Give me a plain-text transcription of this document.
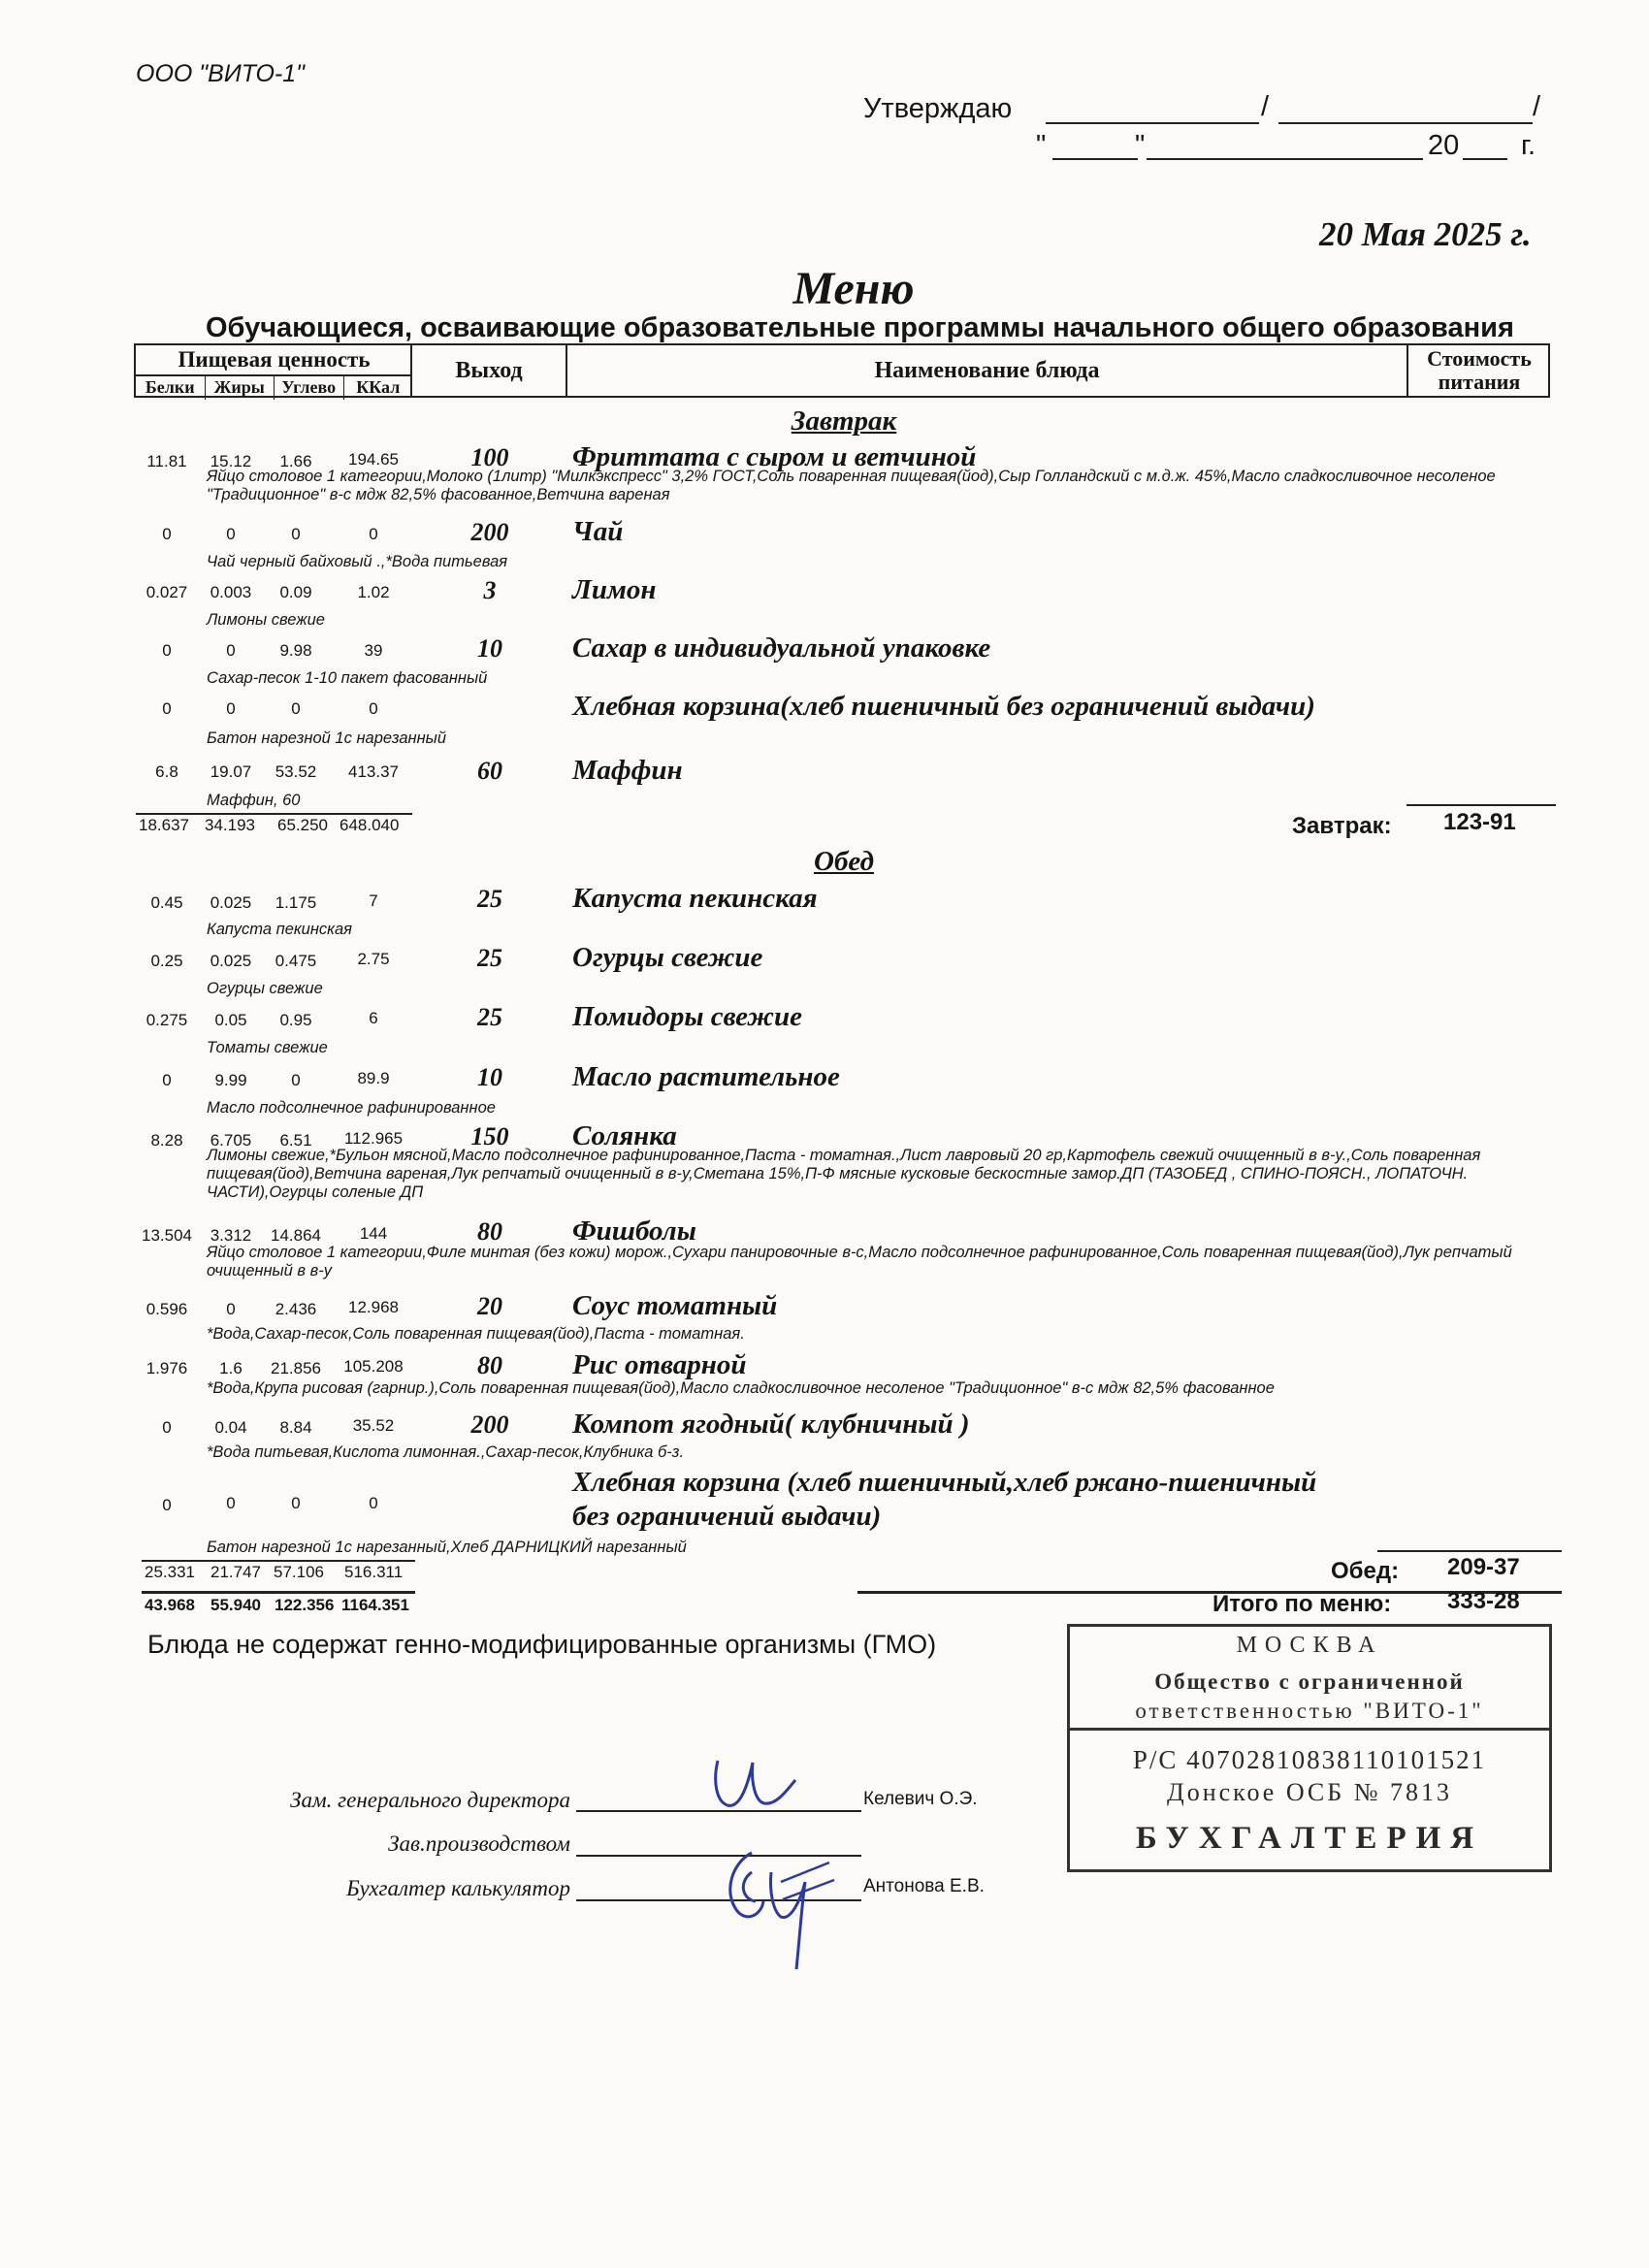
ООО "ВИТО-1"
Утверждаю	/	/
"	"	20 г.
20 Мая 2025 г.
Меню
Обучающиеся, осваивающие образовательные программы начального общего образования
Пищевая ценность
Белки	Жиры Углево	ККал
Выход	Наименование блюда	Стоимость питания
Завтрак
11.81	15.12	1.66	194.65	100	Фриттата с сыром и ветчиной
Яйцо столовое 1 категории,Молоко (1литр) "Милкэкспресс" 3,2% ГОСТ,Соль поваренная пищевая(йод),Сыр Голландский с м.д.ж. 45%,Масло сладкосливочное несоленое "Традиционное" в-с мдж 82,5% фасованное,Ветчина вареная
0	0	0	0	200	Чай
Чай черный байховый .,*Вода питьевая
0.027	0.003	0.09	1.02	3	Лимон
Лимоны свежие
0	0	9.98	39	10	Сахар в индивидуальной упаковке
Сахар-песок 1-10 пакет фасованный
0	0	0	0	Хлебная корзина(хлеб пшеничный без ограничений выдачи)
Батон нарезной 1с нарезанный
6.8	19.07	53.52	413.37	60	Маффин
Маффин, 60
18.637 34.193 65.250 648.040	Завтрак: 123-91
Обед
0.45	0.025	1.175	7	25	Капуста пекинская
Капуста пекинская
0.25	0.025	0.475	2.75	25	Огурцы свежие
Огурцы свежие
0.275	0.05	0.95	6	25	Помидоры свежие
Томаты свежие
0	9.99	0	89.9	10	Масло растительное
Масло подсолнечное рафинированное
8.28	6.705	6.51	112.965	150	Солянка
Лимоны свежие,*Бульон мясной,Масло подсолнечное рафинированное,Паста - томатная.,Лист лавровый 20 гр,Картофель свежий очищенный в в-у.,Соль поваренная пищевая(йод),Ветчина вареная,Лук репчатый очищенный в в-у,Сметана 15%,П-Ф мясные кусковые бескостные замор.ДП (ТАЗОБЕД , СПИНО-ПОЯСН., ЛОПАТОЧН. ЧАСТИ),Огурцы соленые ДП
13.504	3.312	14.864	144	80	Фишболы
Яйцо столовое 1 категории,Филе минтая (без кожи) морож.,Сухари панировочные в-с,Масло подсолнечное рафинированное,Соль поваренная пищевая(йод),Лук репчатый очищенный в в-у
0.596	0	2.436	12.968	20	Соус томатный
*Вода,Сахар-песок,Соль поваренная пищевая(йод),Паста - томатная.
1.976	1.6	21.856	105.208	80	Рис отварной
*Вода,Крупа рисовая (гарнир.),Соль поваренная пищевая(йод),Масло сладкосливочное несоленое "Традиционное" в-с мдж 82,5% фасованное
0	0.04	8.84	35.52	200	Компот ягодный( клубничный )
*Вода питьевая,Кислота лимонная.,Сахар-песок,Клубника б-з.
0	0	0	0
Хлебная корзина (хлеб пшеничный,хлеб ржано-пшеничный
без ограничений выдачи)
Батон нарезной 1с нарезанный,Хлеб ДАРНИЦКИЙ нарезанный
25.331 21.747 57.106 516.311	Обед: 209-37
43.968 55.940 122.356 1164.351	Итого по меню: 333-28
Блюда не содержат генно-модифицированные организмы (ГМО)
Зам. генерального директора	Келевич О.Э.
Зав.производством
Бухгалтер калькулятор	Антонова Е.В.
МОСКВА
Общество с ограниченной
ответственностью "ВИТО-1"
Р/С 40702810838110101521
Донское ОСБ № 7813
БУХГАЛТЕРИЯ
